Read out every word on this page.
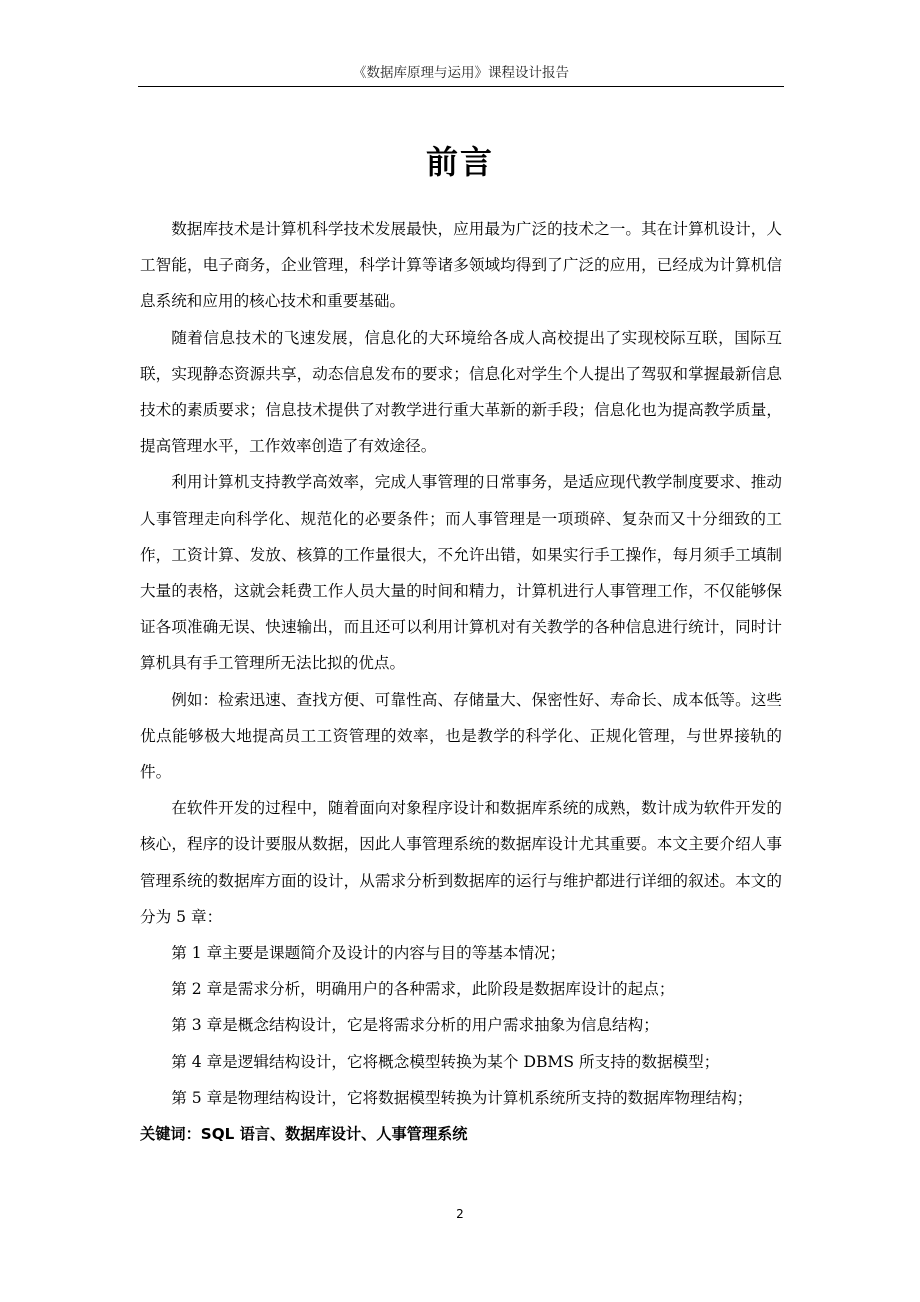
《数据库原理与运用》课程设计报告
前言

数据库技术是计算机科学技术发展最快，应用最为广泛的技术之一。其在计算机设计，人工智能，电子商务，企业管理，科学计算等诸多领域均得到了广泛的应用，已经成为计算机信息系统和应用的核心技术和重要基础。

随着信息技术的飞速发展，信息化的大环境给各成人高校提出了实现校际互联，国际互联，实现静态资源共享，动态信息发布的要求；信息化对学生个人提出了驾驭和掌握最新信息技术的素质要求；信息技术提供了对教学进行重大革新的新手段；信息化也为提高教学质量，提高管理水平，工作效率创造了有效途径。

利用计算机支持教学高效率，完成人事管理的日常事务，是适应现代教学制度要求、推动人事管理走向科学化、规范化的必要条件；而人事管理是一项琐碎、复杂而又十分细致的工作，工资计算、发放、核算的工作量很大，不允许出错，如果实行手工操作，每月须手工填制大量的表格，这就会耗费工作人员大量的时间和精力，计算机进行人事管理工作，不仅能够保证各项准确无误、快速输出，而且还可以利用计算机对有关教学的各种信息进行统计，同时计算机具有手工管理所无法比拟的优点。

例如：检索迅速、查找方便、可靠性高、存储量大、保密性好、寿命长、成本低等。这些优点能够极大地提高员工工资管理的效率，也是教学的科学化、正规化管理，与世界接轨的件。

在软件开发的过程中，随着面向对象程序设计和数据库系统的成熟，数计成为软件开发的核心，程序的设计要服从数据，因此人事管理系统的数据库设计尤其重要。本文主要介绍人事管理系统的数据库方面的设计，从需求分析到数据库的运行与维护都进行详细的叙述。本文的分为 5 章：

第 1 章主要是课题简介及设计的内容与目的等基本情况；

第 2 章是需求分析，明确用户的各种需求，此阶段是数据库设计的起点；

第 3 章是概念结构设计，它是将需求分析的用户需求抽象为信息结构；

第 4 章是逻辑结构设计，它将概念模型转换为某个 DBMS 所支持的数据模型；

第 5 章是物理结构设计，它将数据模型转换为计算机系统所支持的数据库物理结构；

关键词：SQL 语言、数据库设计、人事管理系统

2
